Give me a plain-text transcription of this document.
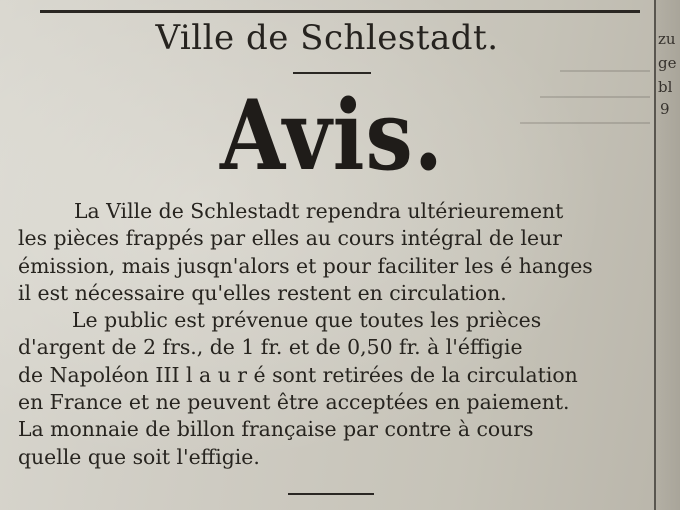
Ville de Schlestadt.
Avis.
La Ville de Schlestadt rependra ultérieurement
les pièces frappés par elles au cours intégral de leur
émission, mais jusqn'alors et pour faciliter les é hanges
il est nécessaire qu'elles restent en circulation.
Le public est prévenue que toutes les prièces
d'argent de 2 frs., de 1 fr. et de 0,50 fr. à l'éffigie
de Napoléon III l a u r é sont retirées de la circulation
en France et ne peuvent être acceptées en paiement.
La monnaie de billon française par contre à cours
quelle que soit l'effigie.
zu
ge
bl
9
